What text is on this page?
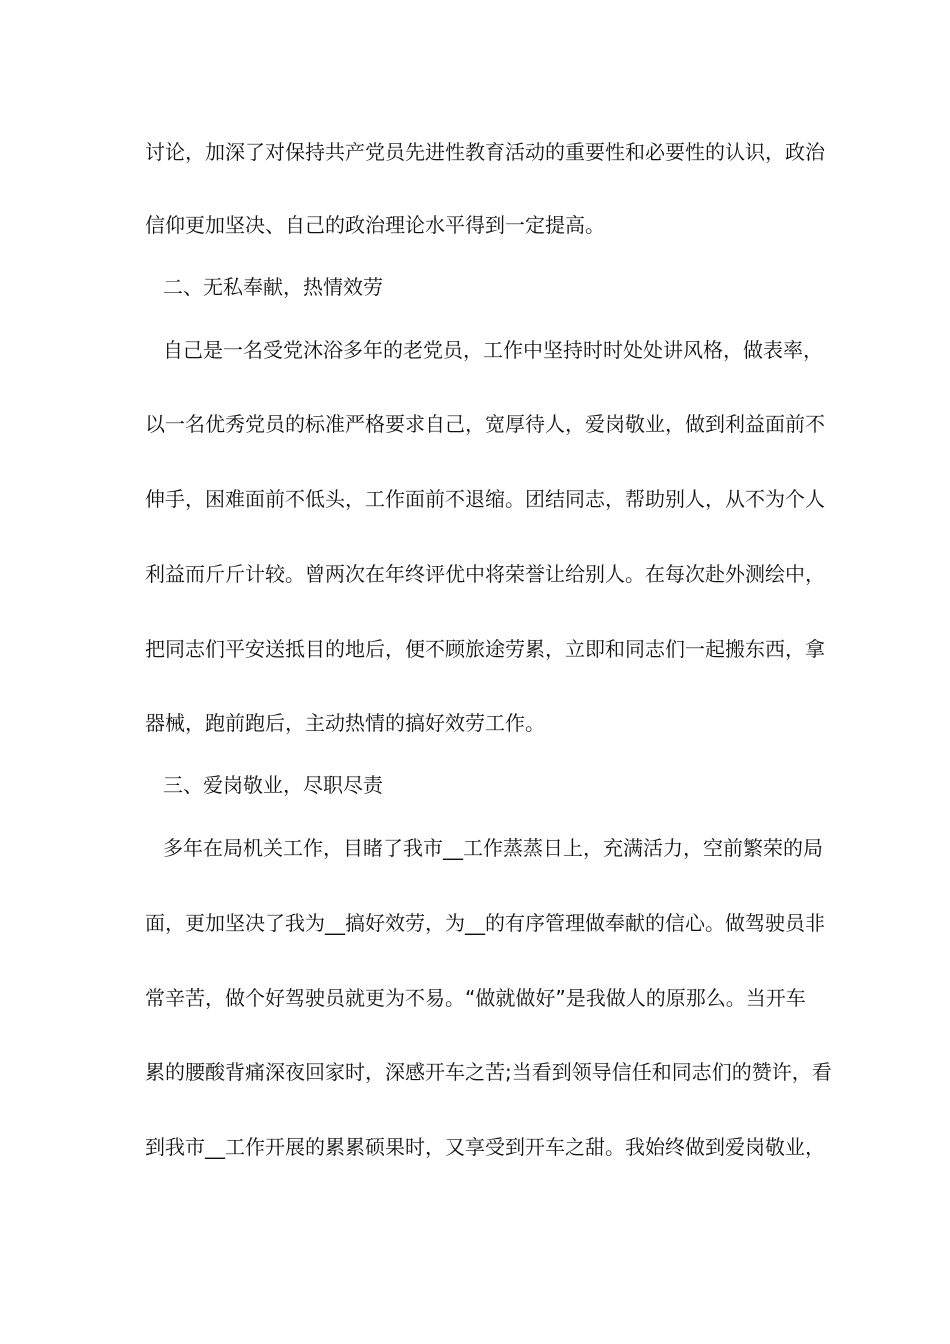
讨论，加深了对保持共产党员先进性教育活动的重要性和必要性的认识，政治
信仰更加坚决、自己的政治理论水平得到一定提高。
二、无私奉献，热情效劳
自己是一名受党沐浴多年的老党员，工作中坚持时时处处讲风格，做表率，
以一名优秀党员的标准严格要求自己，宽厚待人，爱岗敬业，做到利益面前不
伸手，困难面前不低头，工作面前不退缩。团结同志，帮助别人，从不为个人
利益而斤斤计较。曾两次在年终评优中将荣誉让给别人。在每次赴外测绘中，
把同志们平安送抵目的地后，便不顾旅途劳累，立即和同志们一起搬东西，拿
器械，跑前跑后，主动热情的搞好效劳工作。
三、爱岗敬业，尽职尽责
多年在局机关工作，目睹了我市__工作蒸蒸日上，充满活力，空前繁荣的局
面，更加坚决了我为__搞好效劳，为__的有序管理做奉献的信心。做驾驶员非
常辛苦，做个好驾驶员就更为不易。“做就做好”是我做人的原那么。当开车
累的腰酸背痛深夜回家时，深感开车之苦;当看到领导信任和同志们的赞许，看
到我市__工作开展的累累硕果时，又享受到开车之甜。我始终做到爱岗敬业，
